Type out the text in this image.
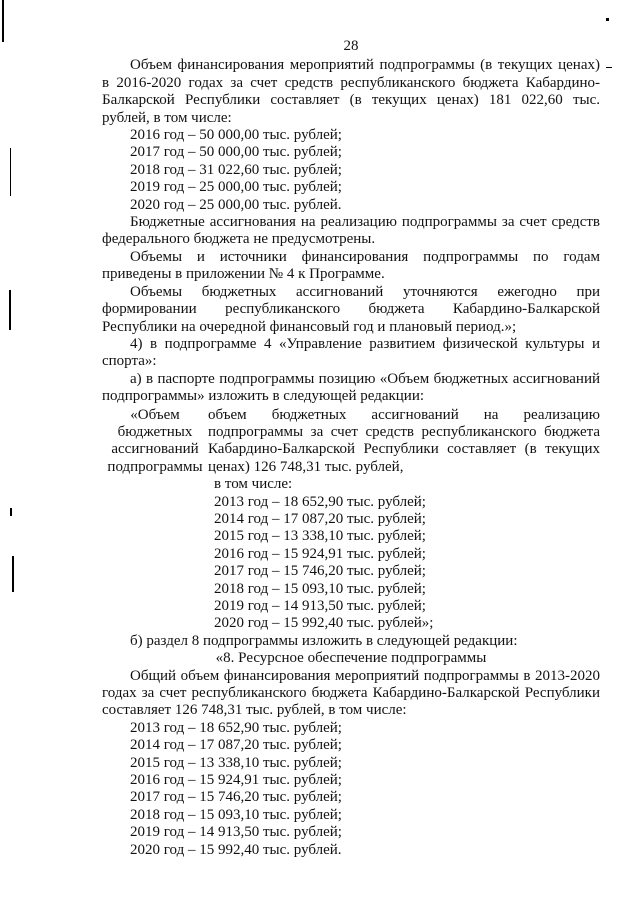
28

Объем финансирования мероприятий подпрограммы (в текущих ценах) в 2016-2020 годах за счет средств республиканского бюджета Кабардино-Балкарской Республики составляет (в текущих ценах) 181 022,60 тыс. рублей, в том числе:

2016 год – 50 000,00 тыс. рублей;

2017 год – 50 000,00 тыс. рублей;

2018 год – 31 022,60 тыс. рублей;

2019 год – 25 000,00 тыс. рублей;

2020 год – 25 000,00 тыс. рублей.

Бюджетные ассигнования на реализацию подпрограммы за счет средств федерального бюджета не предусмотрены.

Объемы и источники финансирования подпрограммы по годам приведены в приложении № 4 к Программе.

Объемы бюджетных ассигнований уточняются ежегодно при формировании республиканского бюджета Кабардино-Балкарской Республики на очередной финансовый год и плановый период.»;

4) в подпрограмме 4 «Управление развитием физической культуры и спорта»:

а) в паспорте подпрограммы позицию «Объем бюджетных ассигнований подпрограммы» изложить в следующей редакции:

«Объем
бюджетных
ассигнований
подпрограммы

объем бюджетных ассигнований на реализацию подпрограммы за счет средств республиканского бюджета Кабардино-Балкарской Республики составляет (в текущих ценах) 126 748,31 тыс. рублей,

в том числе:

2013 год – 18 652,90 тыс. рублей;

2014 год – 17 087,20 тыс. рублей;

2015 год – 13 338,10 тыс. рублей;

2016 год – 15 924,91 тыс. рублей;

2017 год – 15 746,20 тыс. рублей;

2018 год – 15 093,10 тыс. рублей;

2019 год – 14 913,50 тыс. рублей;

2020 год – 15 992,40 тыс. рублей»;

б) раздел 8 подпрограммы изложить в следующей редакции:

«8. Ресурсное обеспечение подпрограммы

Общий объем финансирования мероприятий подпрограммы в 2013-2020 годах за счет республиканского бюджета Кабардино-Балкарской Республики составляет 126 748,31 тыс. рублей, в том числе:

2013 год – 18 652,90 тыс. рублей;

2014 год – 17 087,20 тыс. рублей;

2015 год – 13 338,10 тыс. рублей;

2016 год – 15 924,91 тыс. рублей;

2017 год – 15 746,20 тыс. рублей;

2018 год – 15 093,10 тыс. рублей;

2019 год – 14 913,50 тыс. рублей;

2020 год – 15 992,40 тыс. рублей.
